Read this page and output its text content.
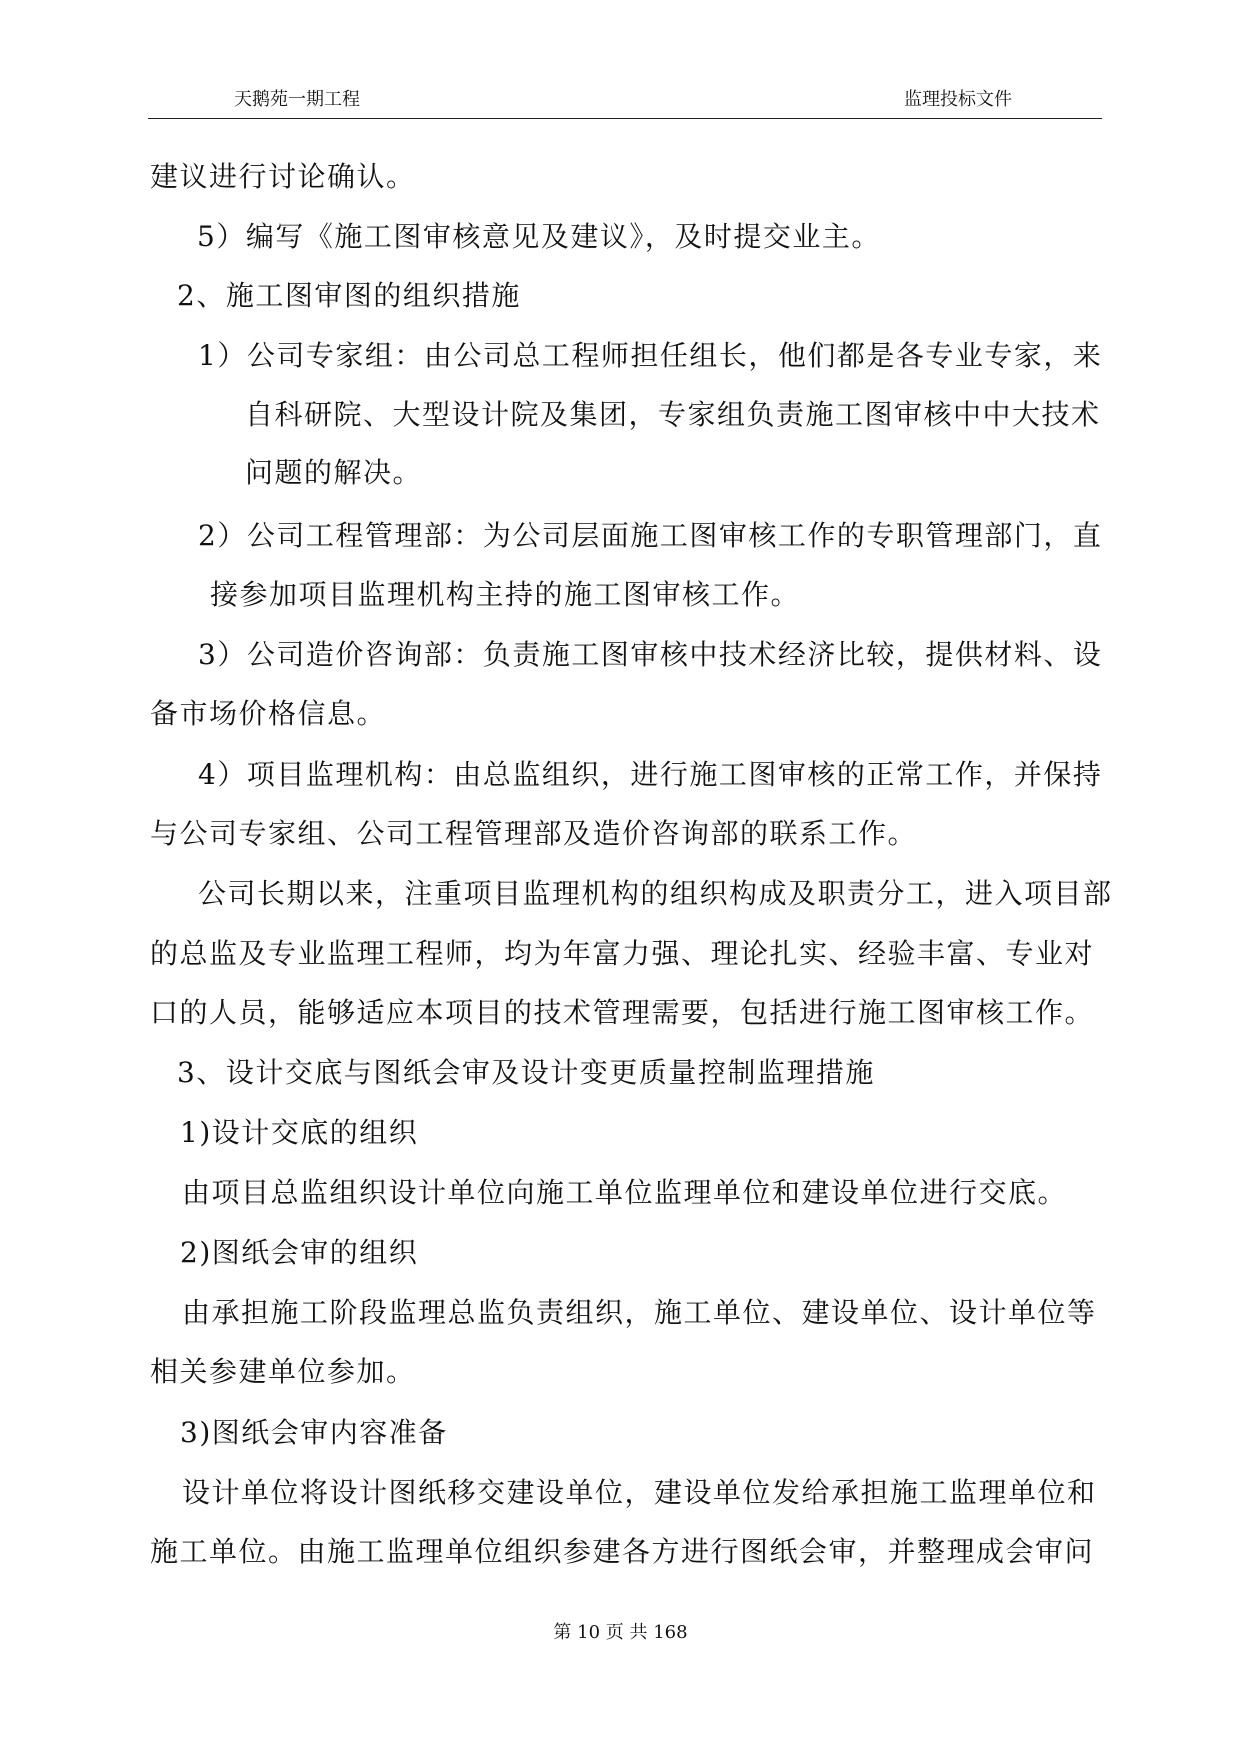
天鹅苑一期工程	监理投标文件
建议进行讨论确认。
5）编写《施工图审核意见及建议》，及时提交业主。
2、施工图审图的组织措施
1）公司专家组：由公司总工程师担任组长，他们都是各专业专家，来
自科研院、大型设计院及集团，专家组负责施工图审核中中大技术
问题的解决。
2）公司工程管理部：为公司层面施工图审核工作的专职管理部门，直
接参加项目监理机构主持的施工图审核工作。
3）公司造价咨询部：负责施工图审核中技术经济比较，提供材料、设
备市场价格信息。
4）项目监理机构：由总监组织，进行施工图审核的正常工作，并保持
与公司专家组、公司工程管理部及造价咨询部的联系工作。
公司长期以来，注重项目监理机构的组织构成及职责分工，进入项目部
的总监及专业监理工程师，均为年富力强、理论扎实、经验丰富、专业对
口的人员，能够适应本项目的技术管理需要，包括进行施工图审核工作。
3、设计交底与图纸会审及设计变更质量控制监理措施
1)设计交底的组织
由项目总监组织设计单位向施工单位监理单位和建设单位进行交底。
2)图纸会审的组织
由承担施工阶段监理总监负责组织，施工单位、建设单位、设计单位等
相关参建单位参加。
3)图纸会审内容准备
设计单位将设计图纸移交建设单位，建设单位发给承担施工监理单位和
施工单位。由施工监理单位组织参建各方进行图纸会审，并整理成会审问
第 10 页 共 168
